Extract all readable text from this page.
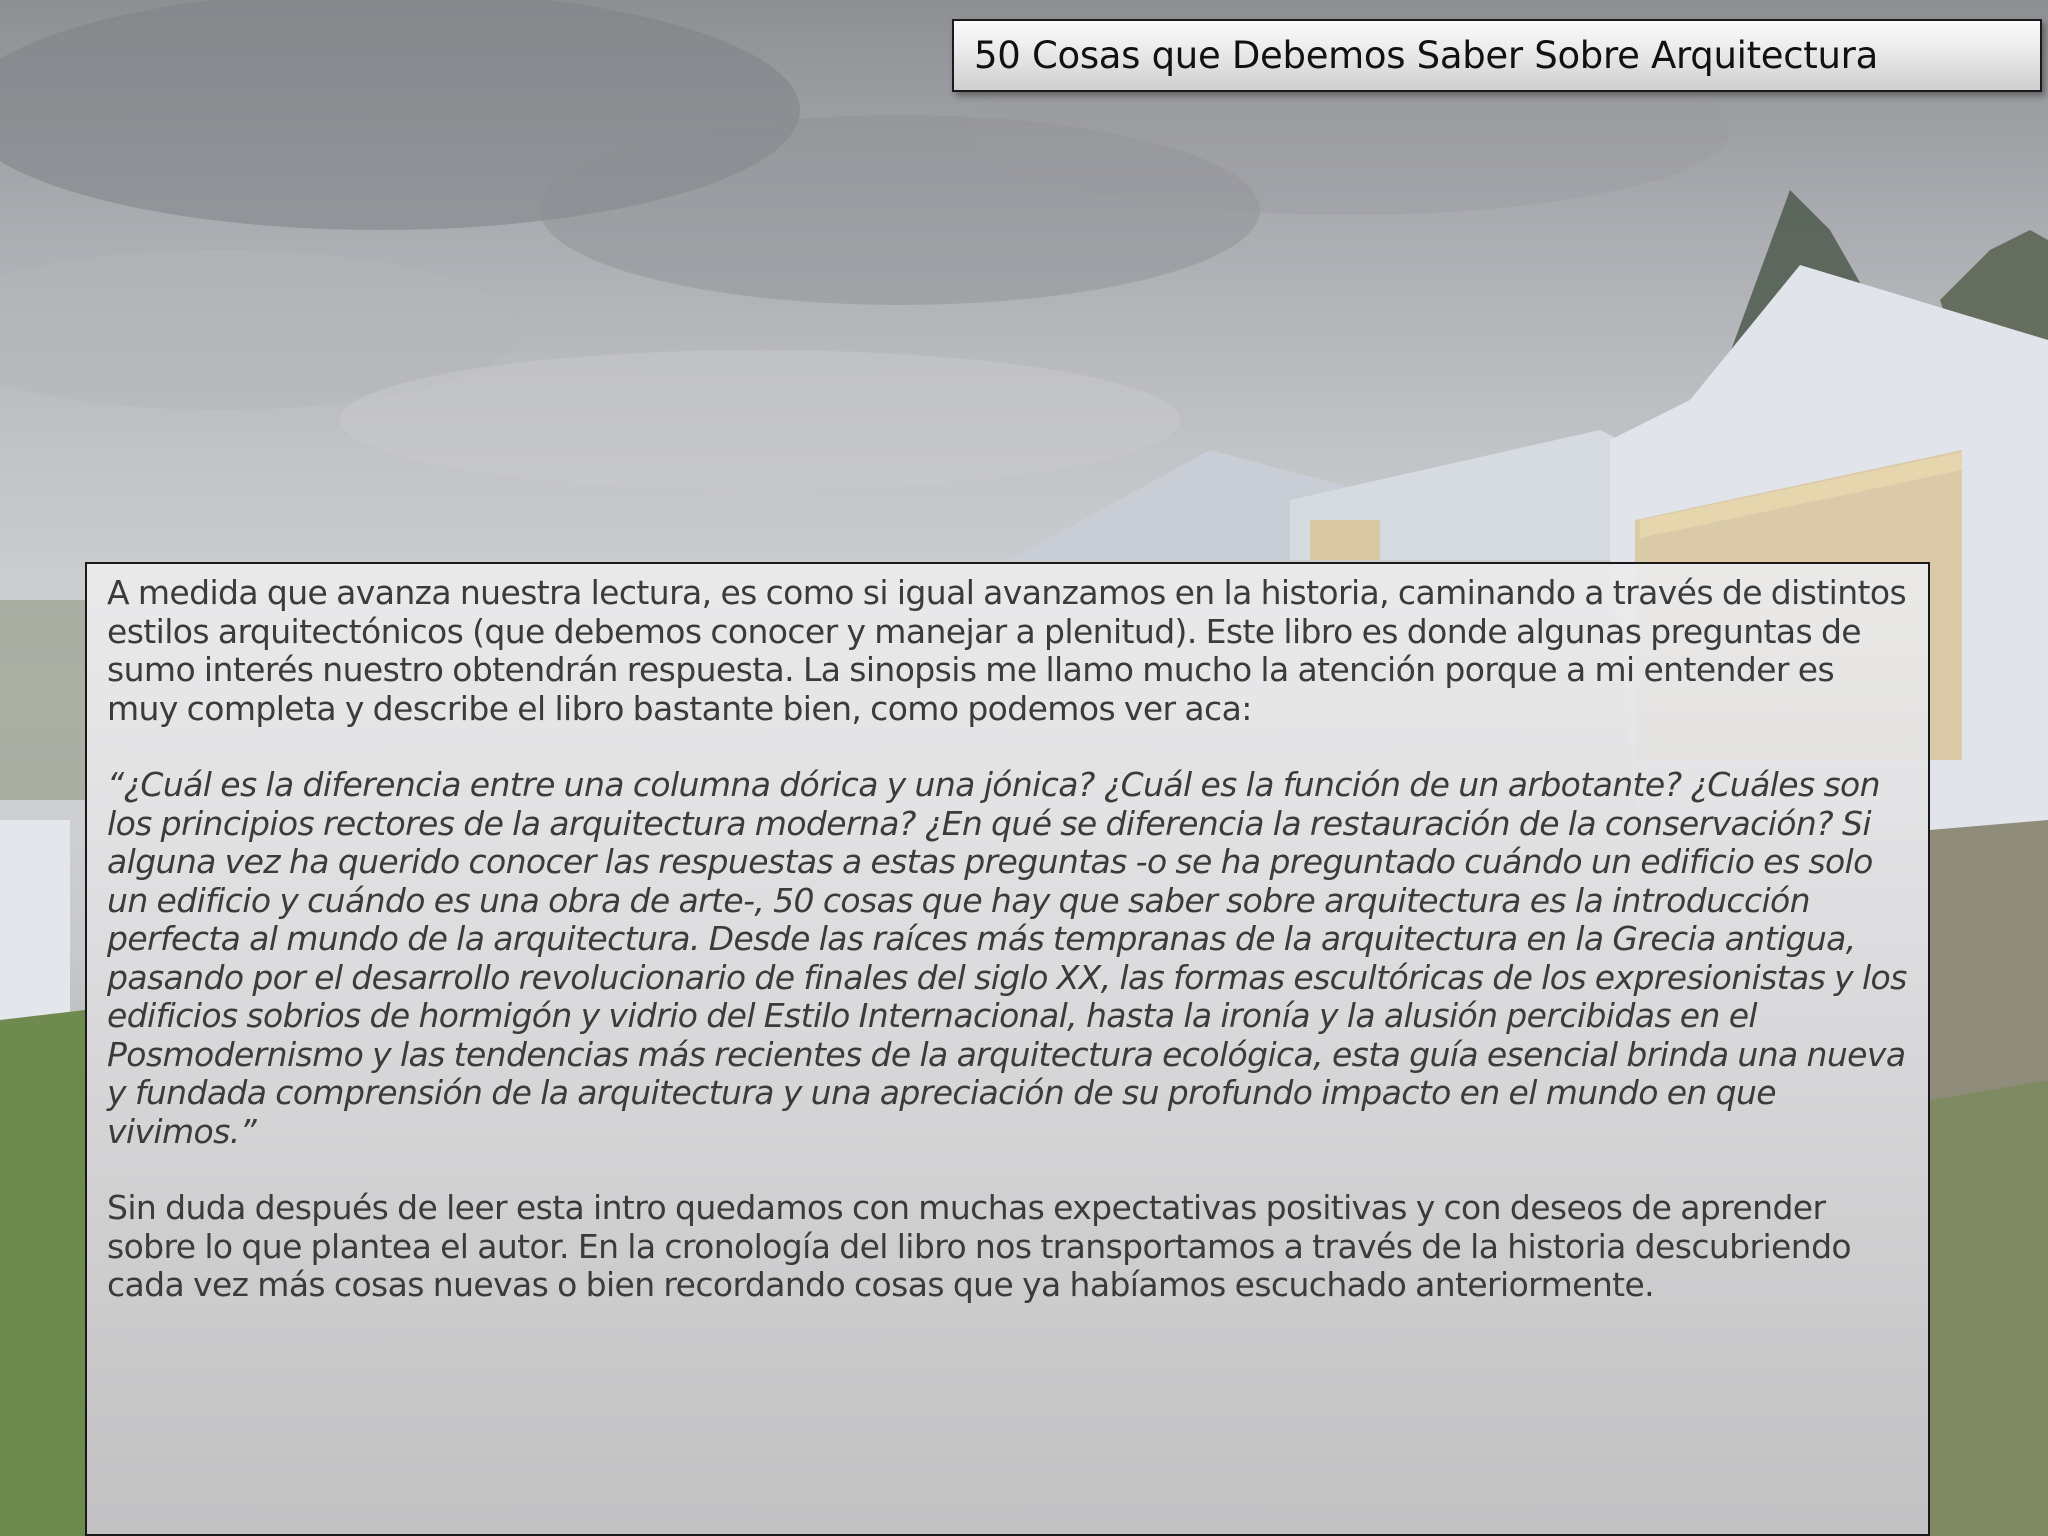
50 Cosas que Debemos Saber Sobre Arquitectura

A medida que avanza nuestra lectura, es como si igual avanzamos en la historia, caminando a través de distintos estilos arquitectónicos (que debemos conocer y manejar a plenitud). Este libro es donde algunas preguntas de sumo interés nuestro obtendrán respuesta. La sinopsis me llamo mucho la atención porque a mi entender es muy completa y describe el libro bastante bien, como podemos ver aca:

“¿Cuál es la diferencia entre una columna dórica y una jónica? ¿Cuál es la función de un arbotante? ¿Cuáles son los principios rectores de la arquitectura moderna? ¿En qué se diferencia la restauración de la conservación? Si alguna vez ha querido conocer las respuestas a estas preguntas -o se ha preguntado cuándo un edificio es solo un edificio y cuándo es una obra de arte-, 50 cosas que hay que saber sobre arquitectura es la introducción perfecta al mundo de la arquitectura. Desde las raíces más tempranas de la arquitectura en la Grecia antigua, pasando por el desarrollo revolucionario de finales del siglo XX, las formas escultóricas de los expresionistas y los edificios sobrios de hormigón y vidrio del Estilo Internacional, hasta la ironía y la alusión percibidas en el Posmodernismo y las tendencias más recientes de la arquitectura ecológica, esta guía esencial brinda una nueva y fundada comprensión de la arquitectura y una apreciación de su profundo impacto en el mundo en que vivimos.”

Sin duda después de leer esta intro quedamos con muchas expectativas positivas y con deseos de aprender sobre lo que plantea el autor. En la cronología del libro nos transportamos a través de la historia descubriendo cada vez más cosas nuevas o bien recordando cosas que ya habíamos escuchado anteriormente.
